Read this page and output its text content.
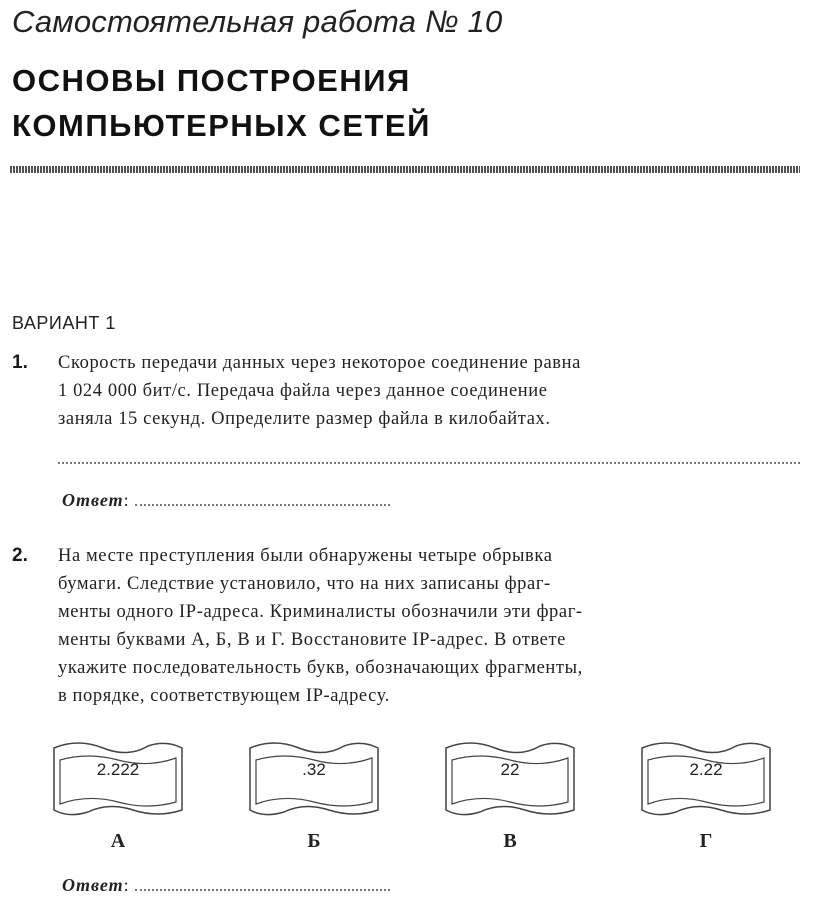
Самостоятельная работа № 10
ОСНОВЫ ПОСТРОЕНИЯ
КОМПЬЮТЕРНЫХ СЕТЕЙ
ВАРИАНТ 1
1. Скорость передачи данных через некоторое соединение равна
1 024 000 бит/с. Передача файла через данное соединение
заняла 15 секунд. Определите размер файла в килобайтах.
Ответ:
2. На месте преступления были обнаружены четыре обрывка
бумаги. Следствие установило, что на них записаны фраг-
менты одного IP-адреса. Криминалисты обозначили эти фраг-
менты буквами А, Б, В и Г. Восстановите IP-адрес. В ответе
укажите последовательность букв, обозначающих фрагменты,
в порядке, соответствующем IP-адресу.
2.222	.32	22	2.22
А	Б	В	Г
Ответ:
